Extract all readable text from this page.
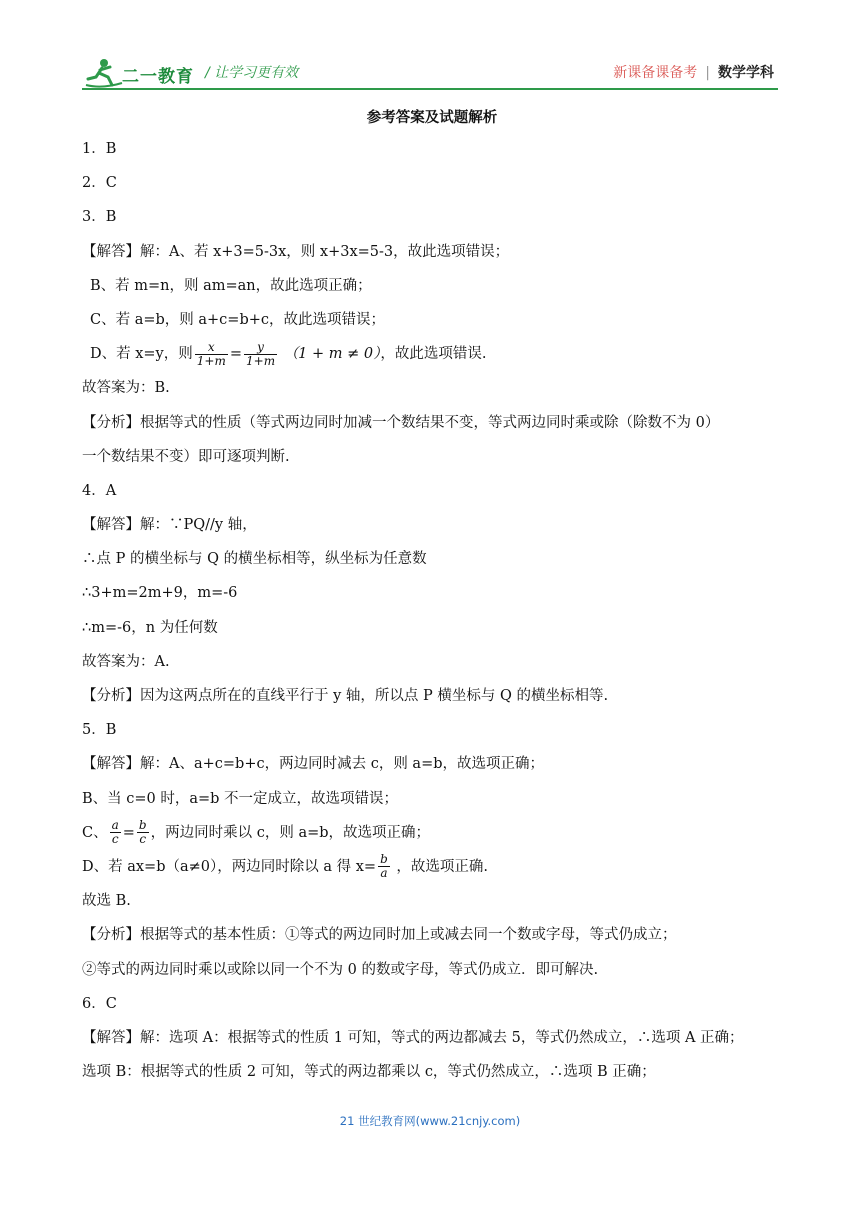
二一教育 / 让学习更有效	新课备课备考 | 数学学科
参考答案及试题解析
1．B
2．C
3．B
【解答】解：A、若 x+3=5-3x，则 x+3x=5-3，故此选项错误；
B、若 m=n，则 am=an，故此选项正确；
C、若 a=b，则 a+c=b+c，故此选项错误；
D、若 x=y，则 $\frac{x}{1+m} = \frac{y}{1+m} (1 + m \ne 0)$，故此选项错误.
故答案为：B.
【分析】根据等式的性质（等式两边同时加减一个数结果不变，等式两边同时乘或除（除数不为 0）
一个数结果不变）即可逐项判断.
4．A
【解答】解：∵PQ//y 轴，
∴点 P 的横坐标与 Q 的横坐标相等，纵坐标为任意数
∴3+m=2m+9，m=-6
∴m=-6，n 为任何数
故答案为：A.
【分析】因为这两点所在的直线平行于 y 轴，所以点 P 横坐标与 Q 的横坐标相等.
5．B
【解答】解：A、a+c=b+c，两边同时减去 c，则 a=b，故选项正确；
B、当 c=0 时，a=b 不一定成立，故选项错误；
C、 $\frac{a}{c} = \frac{b}{c}$ ，两边同时乘以 c，则 a=b，故选项正确；
D、若 ax=b（a≠0），两边同时除以 a 得 $x= \frac{b}{a}$ ，故选项正确.
故选 B.
【分析】根据等式的基本性质：①等式的两边同时加上或减去同一个数或字母，等式仍成立；
②等式的两边同时乘以或除以同一个不为 0 的数或字母，等式仍成立．即可解决.
6．C
【解答】解：选项 A：根据等式的性质 1 可知，等式的两边都减去 5，等式仍然成立，∴选项 A 正确；
选项 B：根据等式的性质 2 可知，等式的两边都乘以 c，等式仍然成立，∴选项 B 正确；
21 世纪教育网(www.21cnjy.com)
